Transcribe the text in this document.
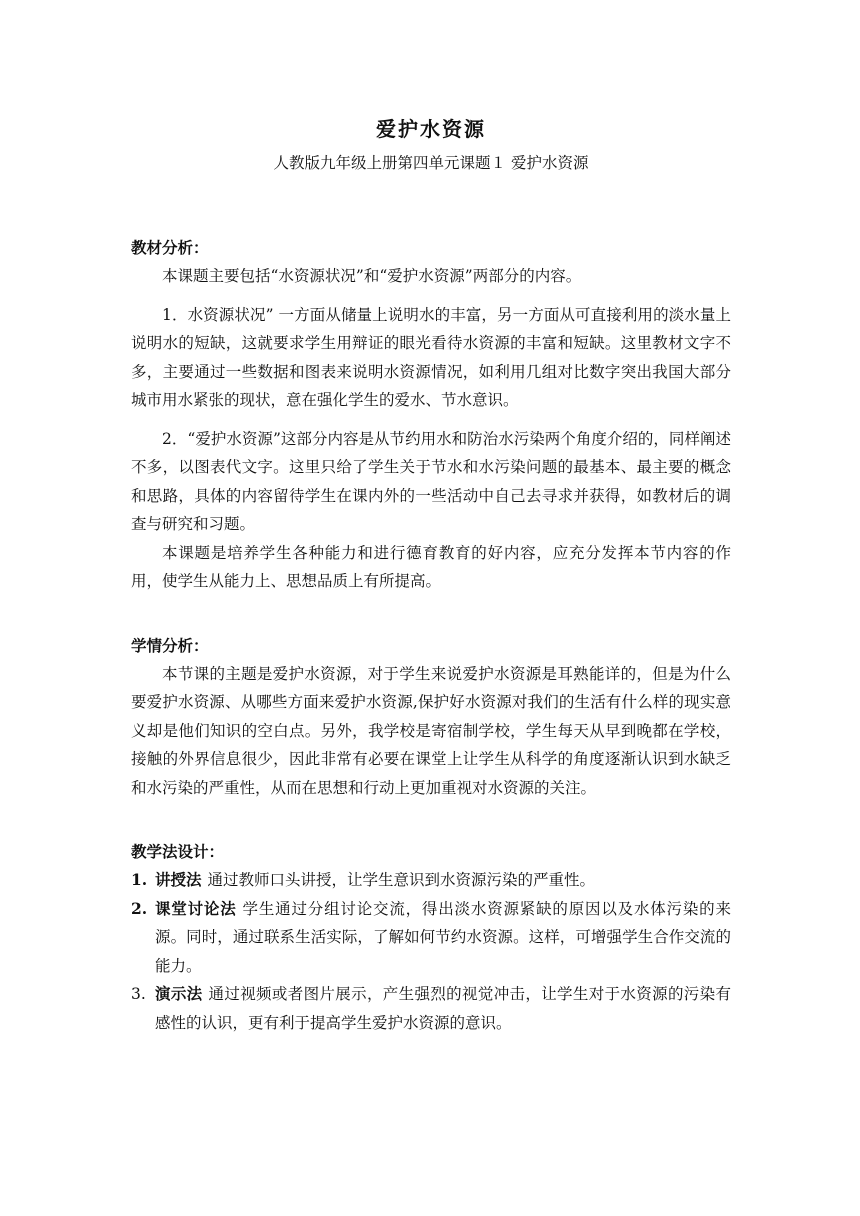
爱护水资源

人教版九年级上册第四单元课题１ 爱护水资源

教材分析：

本课题主要包括“水资源状况”和“爱护水资源”两部分的内容。

1．水资源状况” 一方面从储量上说明水的丰富，另一方面从可直接利用的淡水量上说明水的短缺，这就要求学生用辩证的眼光看待水资源的丰富和短缺。这里教材文字不多，主要通过一些数据和图表来说明水资源情况，如利用几组对比数字突出我国大部分城市用水紧张的现状，意在强化学生的爱水、节水意识。

2．“爱护水资源”这部分内容是从节约用水和防治水污染两个角度介绍的，同样阐述不多，以图表代文字。这里只给了学生关于节水和水污染问题的最基本、最主要的概念和思路，具体的内容留待学生在课内外的一些活动中自己去寻求并获得，如教材后的调查与研究和习题。

本课题是培养学生各种能力和进行德育教育的好内容，应充分发挥本节内容的作用，使学生从能力上、思想品质上有所提高。

学情分析：

本节课的主题是爱护水资源，对于学生来说爱护水资源是耳熟能详的，但是为什么要爱护水资源、从哪些方面来爱护水资源,保护好水资源对我们的生活有什么样的现实意义却是他们知识的空白点。另外，我学校是寄宿制学校，学生每天从早到晚都在学校，接触的外界信息很少，因此非常有必要在课堂上让学生从科学的角度逐渐认识到水缺乏和水污染的严重性，从而在思想和行动上更加重视对水资源的关注。

教学法设计：

1. 讲授法 通过教师口头讲授，让学生意识到水资源污染的严重性。
2. 课堂讨论法 学生通过分组讨论交流，得出淡水资源紧缺的原因以及水体污染的来源。同时，通过联系生活实际，了解如何节约水资源。这样，可增强学生合作交流的能力。
3. 演示法 通过视频或者图片展示，产生强烈的视觉冲击，让学生对于水资源的污染有感性的认识，更有利于提高学生爱护水资源的意识。
